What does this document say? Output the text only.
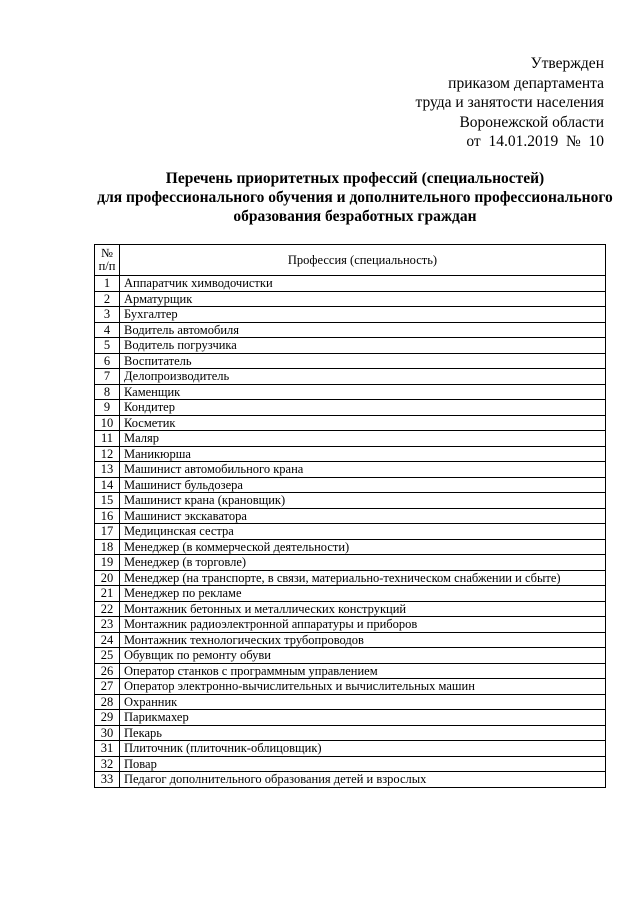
Утвержден
приказом департамента
труда и занятости населения
Воронежской области
от  14.01.2019  №  10
Перечень приоритетных профессий (специальностей)
для профессионального обучения и дополнительного профессионального
образования безработных граждан
№
п/п	Профессия (специальность)
1	Аппаратчик химводочистки
2	Арматурщик
3	Бухгалтер
4	Водитель автомобиля
5	Водитель погрузчика
6	Воспитатель
7	Делопроизводитель
8	Каменщик
9	Кондитер
10	Косметик
11	Маляр
12	Маникюрша
13	Машинист автомобильного крана
14	Машинист бульдозера
15	Машинист крана (крановщик)
16	Машинист экскаватора
17	Медицинская сестра
18	Менеджер (в коммерческой деятельности)
19	Менеджер (в торговле)
20	Менеджер (на транспорте, в связи, материально-техническом снабжении и сбыте)
21	Менеджер по рекламе
22	Монтажник бетонных и металлических конструкций
23	Монтажник радиоэлектронной аппаратуры и приборов
24	Монтажник технологических трубопроводов
25	Обувщик по ремонту обуви
26	Оператор станков с программным управлением
27	Оператор электронно-вычислительных и вычислительных машин
28	Охранник
29	Парикмахер
30	Пекарь
31	Плиточник (плиточник-облицовщик)
32	Повар
33	Педагог дополнительного образования детей и взрослых
